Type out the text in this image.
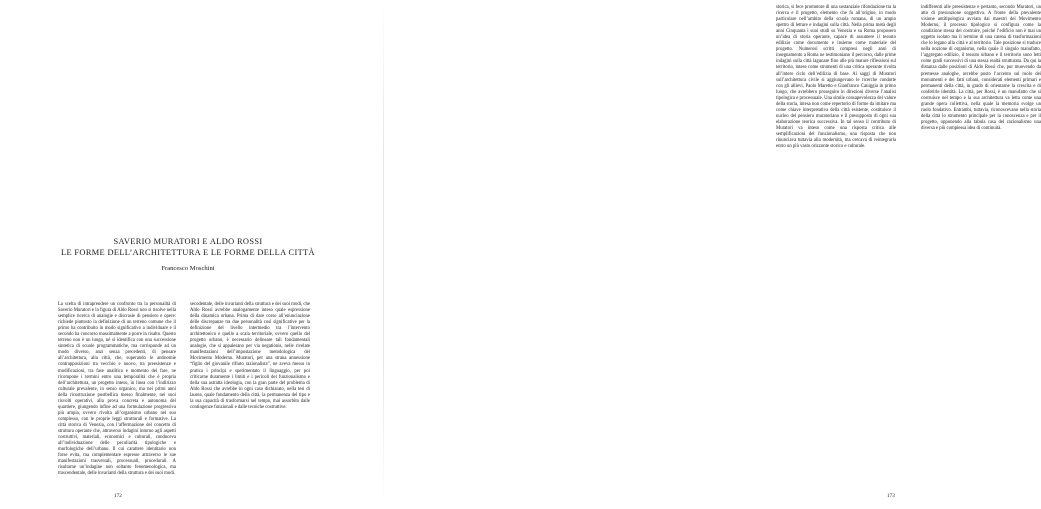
SAVERIO MURATORI E ALDO ROSSI
LE FORME DELL’ARCHITETTURA E LE FORME DELLA CITTÀ

Francesco Moschini

La scelta di intraprendere un confronto tra la personalità di Saverio Muratori e la figura di Aldo Rossi non si risolve nella semplice ricerca di analogie e discrasie di pensiero e opere: richiede piuttosto la definizione di un terreno comune che il primo ha contribuito in modo significativo a individuare e il secondo ha concorso massimamente a porre in risalto. Questo terreno non è un luogo, né si identifica con una successione sintetica di scuole programmatiche, ma corrisponde ad un modo diverso, anzi senza precedenti, di pensare all’architettura, alla città, che, superando le antinomie contrapposizioni tra vecchio e nuovo, tra preesistenze e modificazioni, tra fase analitica e momento del fare, ne ricompone i termini entro una temporalità che è propria dell’architettura, un progetto inteso, in linea con l’indirizzo culturale prevalente, in senso organico, ma nei primi anni della ricostruzione postbellica messo finalmente, nei suoi risvolti operativi, alla prova concreta e autonoma del quartiere, giungendo infine ad una formulazione progressiva più ampia, ovvero rivolta all’organismo urbano nel suo complesso, con le proprie leggi strutturali e formative. La città storica di Venezia, con l’affermazione del concetto di struttura operante che, attraverso indagini intorno agli aspetti costruttivi, materiali, economici e culturali, conduceva all’individuazione delle peculiarità tipologiche e morfologiche dell’urbano. Il cui carattere identitario non forse evita, ma complementare espresse attraverso le sue manifestazioni trasversali, processuali, procedurali. A risultarne un’indagine non soltanto fenomenologica, ma trascendentale, delle invarianti della struttura e dei suoi modi.

secodentale, delle invarianti della struttura e dei suoi modi, che Aldo Rossi avrebbe analogamente inteso quale espressione della dinamica urbana. Prima di dare corso all’enunciazione delle discrepanze tra due personalità così significative per la definizione del livello intermedio tra l’intervento architettonico e quello a scala territoriale, ovvero quello del progetto urbano, è necessario delineare tali fondamentali analogie, che si appalesano per via negationis, nelle rivelate manifestazioni dell’impostazione metodologica del Movimento Moderno. Muratori, per una strana annessione “figlio del giovanile rifiuto razionalista”, ne aveva messo in pratica i principi e sperimentato il linguaggio, per poi criticarne duramente i limiti e i pericoli del funzionalismo e della sua astratta ideologia, con la gran parte del problema di Aldo Rossi che avrebbe in ogni caso dichiarato, nella tesi di laurea, quale fondamento della città, la permanenza del tipo e la sua capacità di trasformarsi nel tempo, mai assorbito dalle contingenze funzionali e dalle tecniche costruttive.

172

storica, si fece promotore di una sostanziale rifondazione tra la ricerca e il progetto, elemento che fu all’origine, in modo particolare nell’ambito della scuola romana, di un ampio spettro di letture e indagini sulla città. Nella prima metà degli anni Cinquanta i suoi studi su Venezia e su Roma proposero un’idea di storia operante, capace di assumere il tessuto edilizio come documento e insieme come materiale del progetto. Numerosi scritti compresi negli anni di insegnamento a Roma ne testimoniano il percorso, dalle prime indagini sulla città lagunare fino alle più mature riflessioni sul territorio, intese come strumenti di una critica operante rivolta all’intero ciclo dell’edilizia di base. Ai saggi di Muratori sull’architettura civile si aggiungevano le ricerche condotte con gli allievi, Paolo Maretto e Gianfranco Caniggia in primo luogo, che avrebbero proseguito in direzioni diverse l’analisi tipologica e processuale. Una simile consapevolezza del valore della storia, intesa non come repertorio di forme da imitare ma come chiave interpretativa della città esistente, costituisce il nucleo del pensiero muratoriano e il presupposto di ogni sua elaborazione teorica successiva. In tal senso il contributo di Muratori va inteso come una risposta critica alle semplificazioni del funzionalismo, una risposta che non rinunciava tuttavia alla modernità, ma cercava di reintegrarla entro un più vasto orizzonte storico e culturale.

indifferenti alle preesistenze e pertanto, secondo Muratori, un atto di presunzione soggettiva. A fronte della prevalente visione antitipologica avviata dai maestri del Movimento Moderno, il processo tipologico si configura come la condizione stessa del costruire, poiché l’edificio non è mai un oggetto isolato ma il termine di una catena di trasformazioni che lo legano alla città e al territorio. Tale posizione si traduce nella nozione di organismo, nella quale il singolo manufatto, l’aggregato edilizio, il tessuto urbano e il territorio sono letti come gradi successivi di una stessa realtà strutturata. Da qui la distanza dalle posizioni di Aldo Rossi che, pur muovendo da premesse analoghe, avrebbe posto l’accento sul ruolo dei monumenti e dei fatti urbani, considerati elementi primari e permanenti della città, in grado di orientarne la crescita e di conferirle identità. La città, per Rossi, è un manufatto che si costruisce nel tempo e la sua architettura va letta come una grande opera collettiva, nella quale la memoria svolge un ruolo fondativo. Entrambi, tuttavia, riconoscevano nella storia della città lo strumento principale per la conoscenza e per il progetto, opponendo alla tabula rasa del razionalismo una diversa e più complessa idea di continuità.

173
